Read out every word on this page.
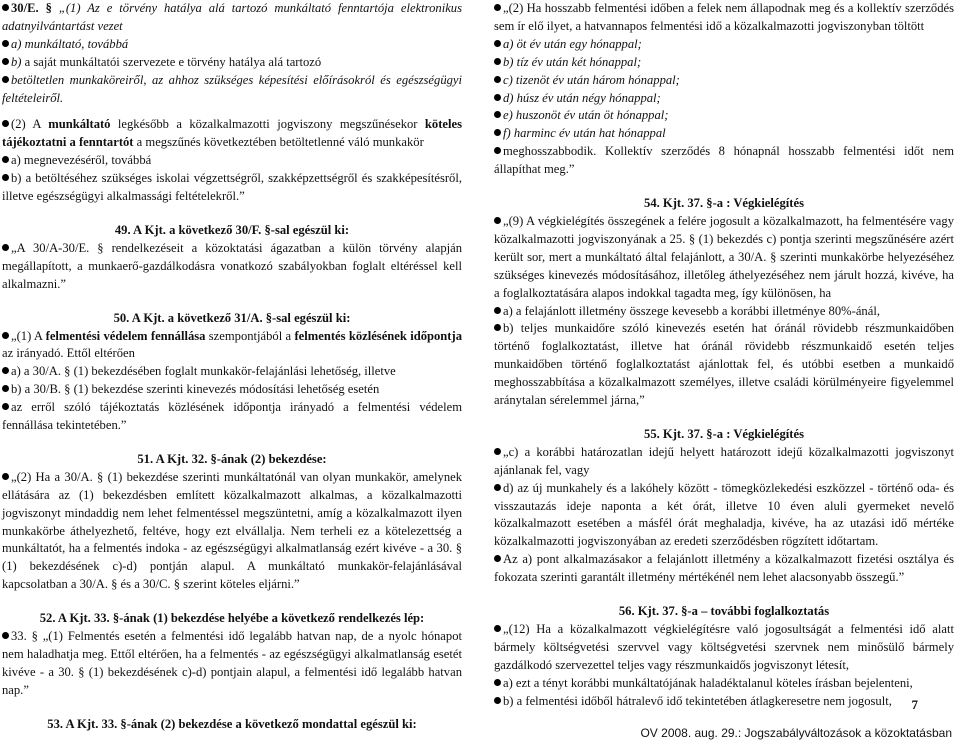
30/E. § „(1) Az e törvény hatálya alá tartozó munkáltató fenntartója elektronikus adatnyilvántartást vezet
a) munkáltató, továbbá
b) a saját munkáltatói szervezete e törvény hatálya alá tartozó
betöltetlen munkaköreiről, az ahhoz szükséges képesítési előírásokról és egészségügyi feltételeiről.

(2) A munkáltató legkésőbb a közalkalmazotti jogviszony megszűnésekor köteles tájékoztatni a fenntartót a megszűnés következtében betöltetlenné váló munkakör
a) megnevezéséről, továbbá
b) a betöltéséhez szükséges iskolai végzettségről, szakképzettségről és szakképesítésről, illetve egészségügyi alkalmassági feltételekről.”

49. A Kjt. a következő 30/F. §-sal egészül ki:

„A 30/A-30/E. § rendelkezéseit a közoktatási ágazatban a külön törvény alapján megállapított, a munkaerő-gazdálkodásra vonatkozó szabályokban foglalt eltéréssel kell alkalmazni.”

50. A Kjt. a következő 31/A. §-sal egészül ki:

„(1) A felmentési védelem fennállása szempontjából a felmentés közlésének időpontja az irányadó. Ettől eltérően
a) a 30/A. § (1) bekezdésében foglalt munkakör-felajánlási lehetőség, illetve
b) a 30/B. § (1) bekezdése szerinti kinevezés módosítási lehetőség esetén
az erről szóló tájékoztatás közlésének időpontja irányadó a felmentési védelem fennállása tekintetében.”

51. A Kjt. 32. §-ának (2) bekezdése:

„(2) Ha a 30/A. § (1) bekezdése szerinti munkáltatónál van olyan munkakör, amelynek ellátására az (1) bekezdésben említett közalkalmazott alkalmas, a közalkalmazotti jogviszonyt mindaddig nem lehet felmentéssel megszüntetni, amíg a közalkalmazott ilyen munkakörbe áthelyezhető, feltéve, hogy ezt elvállalja. Nem terheli ez a kötelezettség a munkáltatót, ha a felmentés indoka - az egészségügyi alkalmatlanság ezért kivéve - a 30. § (1) bekezdésének c)-d) pontján alapul. A munkáltató munkakör-felajánlásával kapcsolatban a 30/A. § és a 30/C. § szerint köteles eljárni.”

52. A Kjt. 33. §-ának (1) bekezdése helyébe a következő rendelkezés lép:

33. § „(1) Felmentés esetén a felmentési idő legalább hatvan nap, de a nyolc hónapot nem haladhatja meg. Ettől eltérően, ha a felmentés - az egészségügyi alkalmatlanság esetét kivéve - a 30. § (1) bekezdésének c)-d) pontjain alapul, a felmentési idő legalább hatvan nap.”

53. A Kjt. 33. §-ának (2) bekezdése a következő mondattal egészül ki:

„(2) Ha hosszabb felmentési időben a felek nem állapodnak meg és a kollektív szerződés sem ír elő ilyet, a hatvannapos felmentési idő a közalkalmazotti jogviszonyban töltött
a) öt év után egy hónappal;
b) tíz év után két hónappal;
c) tizenöt év után három hónappal;
d) húsz év után négy hónappal;
e) huszonöt év után öt hónappal;
f) harminc év után hat hónappal
meghosszabbodik. Kollektív szerződés 8 hónapnál hosszabb felmentési időt nem állapíthat meg.”

54. Kjt. 37. §-a : Végkielégítés

„(9) A végkielégítés összegének a felére jogosult a közalkalmazott, ha felmentésére vagy közalkalmazotti jogviszonyának a 25. § (1) bekezdés c) pontja szerinti megszűnésére azért került sor, mert a munkáltató által felajánlott, a 30/A. § szerinti munkakörbe helyezéséhez szükséges kinevezés módosításához, illetőleg áthelyezéséhez nem járult hozzá, kivéve, ha a foglalkoztatására alapos indokkal tagadta meg, így különösen, ha
a) a felajánlott illetmény összege kevesebb a korábbi illetménye 80%-ánál,
b) teljes munkaidőre szóló kinevezés esetén hat óránál rövidebb részmunkaidőben történő foglalkoztatást, illetve hat óránál rövidebb részmunkaidő esetén teljes munkaidőben történő foglalkoztatást ajánlottak fel, és utóbbi esetben a munkaidő meghosszabbítása a közalkalmazott személyes, illetve családi körülményeire figyelemmel aránytalan sérelemmel járna,”

55. Kjt. 37. §-a : Végkielégítés

„c) a korábbi határozatlan idejű helyett határozott idejű közalkalmazotti jogviszonyt ajánlanak fel, vagy
d) az új munkahely és a lakóhely között - tömegközlekedési eszközzel - történő oda- és visszautazás ideje naponta a két órát, illetve 10 éven aluli gyermeket nevelő közalkalmazott esetében a másfél órát meghaladja, kivéve, ha az utazási idő mértéke közalkalmazotti jogviszonyában az eredeti szerződésben rögzített időtartam.
Az a) pont alkalmazásakor a felajánlott illetmény a közalkalmazott fizetési osztálya és fokozata szerinti garantált illetmény mértékénél nem lehet alacsonyabb összegű.”

56. Kjt. 37. §-a – további foglalkoztatás

„(12) Ha a közalkalmazott végkielégítésre való jogosultságát a felmentési idő alatt bármely költségvetési szervvel vagy költségvetési szervnek nem minősülő bármely gazdálkodó szervezettel teljes vagy részmunkaidős jogviszonyt létesít,
a) ezt a tényt korábbi munkáltatójának haladéktalanul köteles írásban bejelenteni,
b) a felmentési időből hátralevő idő tekintetében átlagkeresetre nem jogosult,	7
OV 2008. aug. 29.: Jogszabályváltozások a közoktatásban
